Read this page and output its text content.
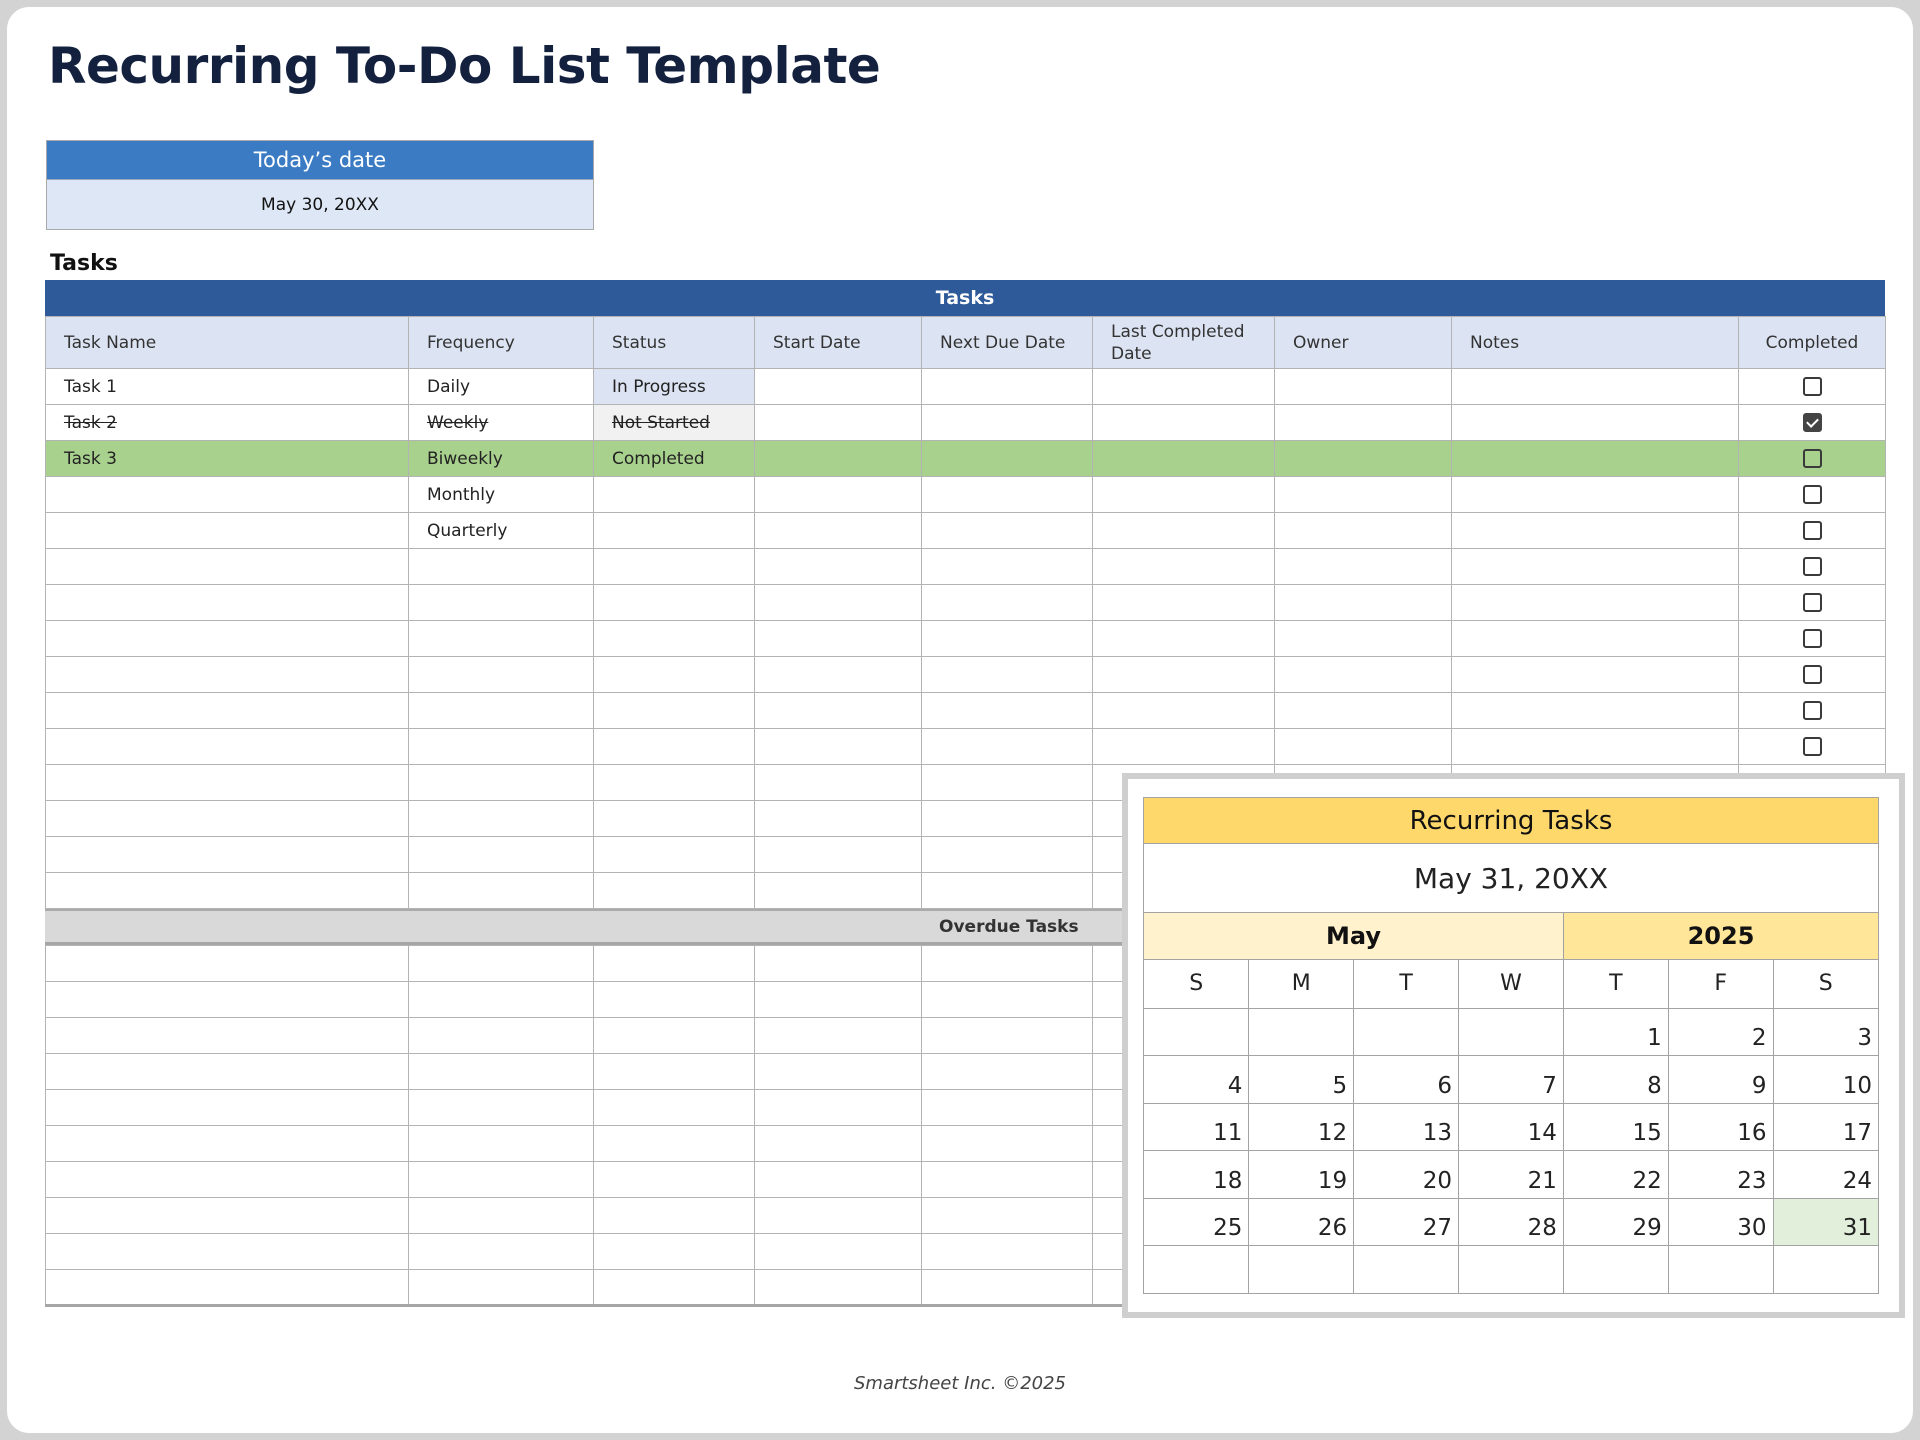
Recurring To-Do List Template
Today’s date
May 30, 20XX
Tasks
Tasks
Task Name	Frequency	Status	Start Date	Next Due Date	Last Completed Date	Owner	Notes	Completed
Task 1	Daily	In Progress						
Task 2	Weekly	Not Started						
Task 3	Biweekly	Completed						
	Monthly							
	Quarterly							

Overdue Tasks

Recurring Tasks
May 31, 20XX
May	2025
S	M	T	W	T	F	S
				1	2	3
4	5	6	7	8	9	10
11	12	13	14	15	16	17
18	19	20	21	22	23	24
25	26	27	28	29	30	31

Smartsheet Inc. ©2025
